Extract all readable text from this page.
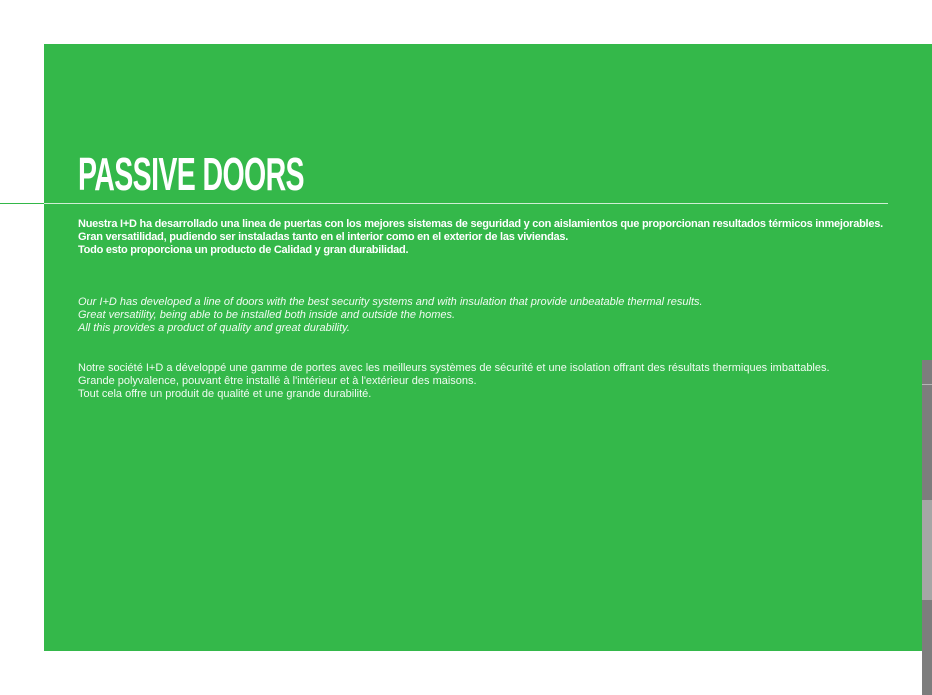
PASSIVE DOORS

Nuestra I+D ha desarrollado una linea de puertas con los mejores sistemas de seguridad y con aislamientos que proporcionan resultados térmicos inmejorables.

Gran versatilidad, pudiendo ser instaladas tanto en el interior como en el exterior de las viviendas.

Todo esto proporciona un producto de Calidad y gran durabilidad.

Our I+D has developed a line of doors with the best security systems and with insulation that provide unbeatable thermal results.

Great versatility, being able to be installed both inside and outside the homes.

All this provides a product of quality and great durability.

Notre société I+D a développé une gamme de portes avec les meilleurs systèmes de sécurité et une isolation offrant des résultats thermiques imbattables.

Grande polyvalence, pouvant être installé à l'intérieur et à l'extérieur des maisons.

Tout cela offre un produit de qualité et une grande durabilité.
